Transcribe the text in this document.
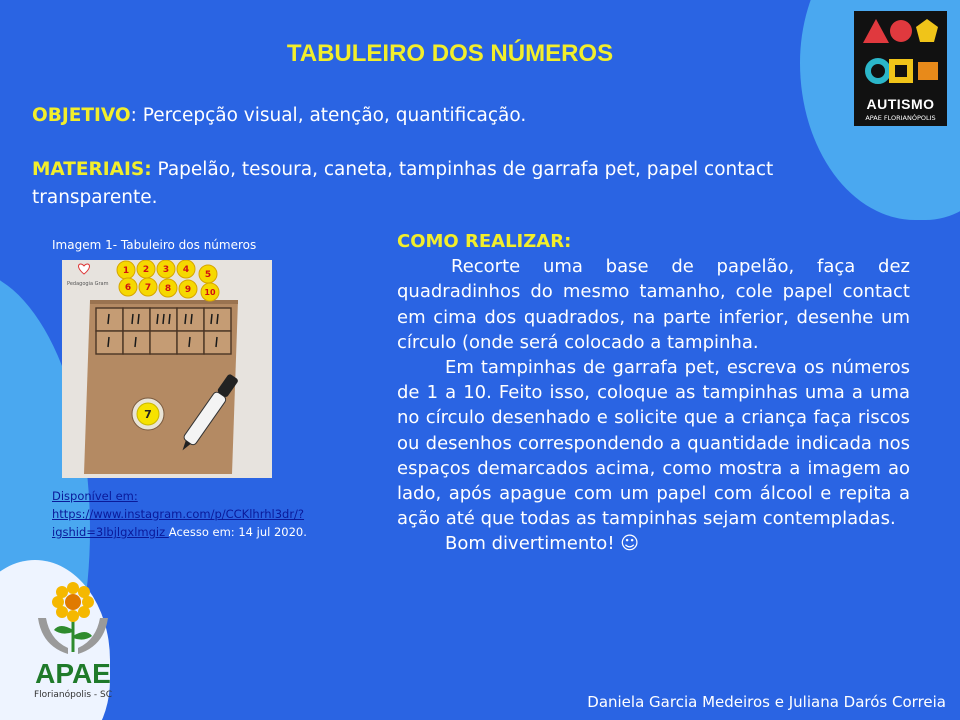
TABULEIRO DOS NÚMEROS
OBJETIVO: Percepção visual, atenção, quantificação.
MATERIAIS: Papelão, tesoura, caneta, tampinhas de garrafa pet, papel contact transparente.
Imagem 1- Tabuleiro dos números
1 2 3 4 5
6 7 8 9 10
7
Pedagogia Gram
Disponível em:
https://www.instagram.com/p/CCKlhrhl3dr/?igshid=3lbjlgxlmgiz Acesso em: 14 jul 2020.

COMO REALIZAR:

Recorte uma base de papelão, faça dez quadradinhos do mesmo tamanho, cole papel contact em cima dos quadrados, na parte inferior, desenhe um círculo (onde será colocado a tampinha.

Em tampinhas de garrafa pet, escreva os números de 1 a 10. Feito isso, coloque as tampinhas uma a uma no círculo desenhado e solicite que a criança faça riscos ou desenhos correspondendo a quantidade indicada nos espaços demarcados acima, como mostra a imagem ao lado, após apague com um papel com álcool e repita a ação até que todas as tampinhas sejam contempladas.

Bom divertimento! ☺

Daniela Garcia Medeiros e Juliana Darós Correia
AUTISMO
APAE FLORIANÓPOLIS
APAE
Florianópolis - SC
